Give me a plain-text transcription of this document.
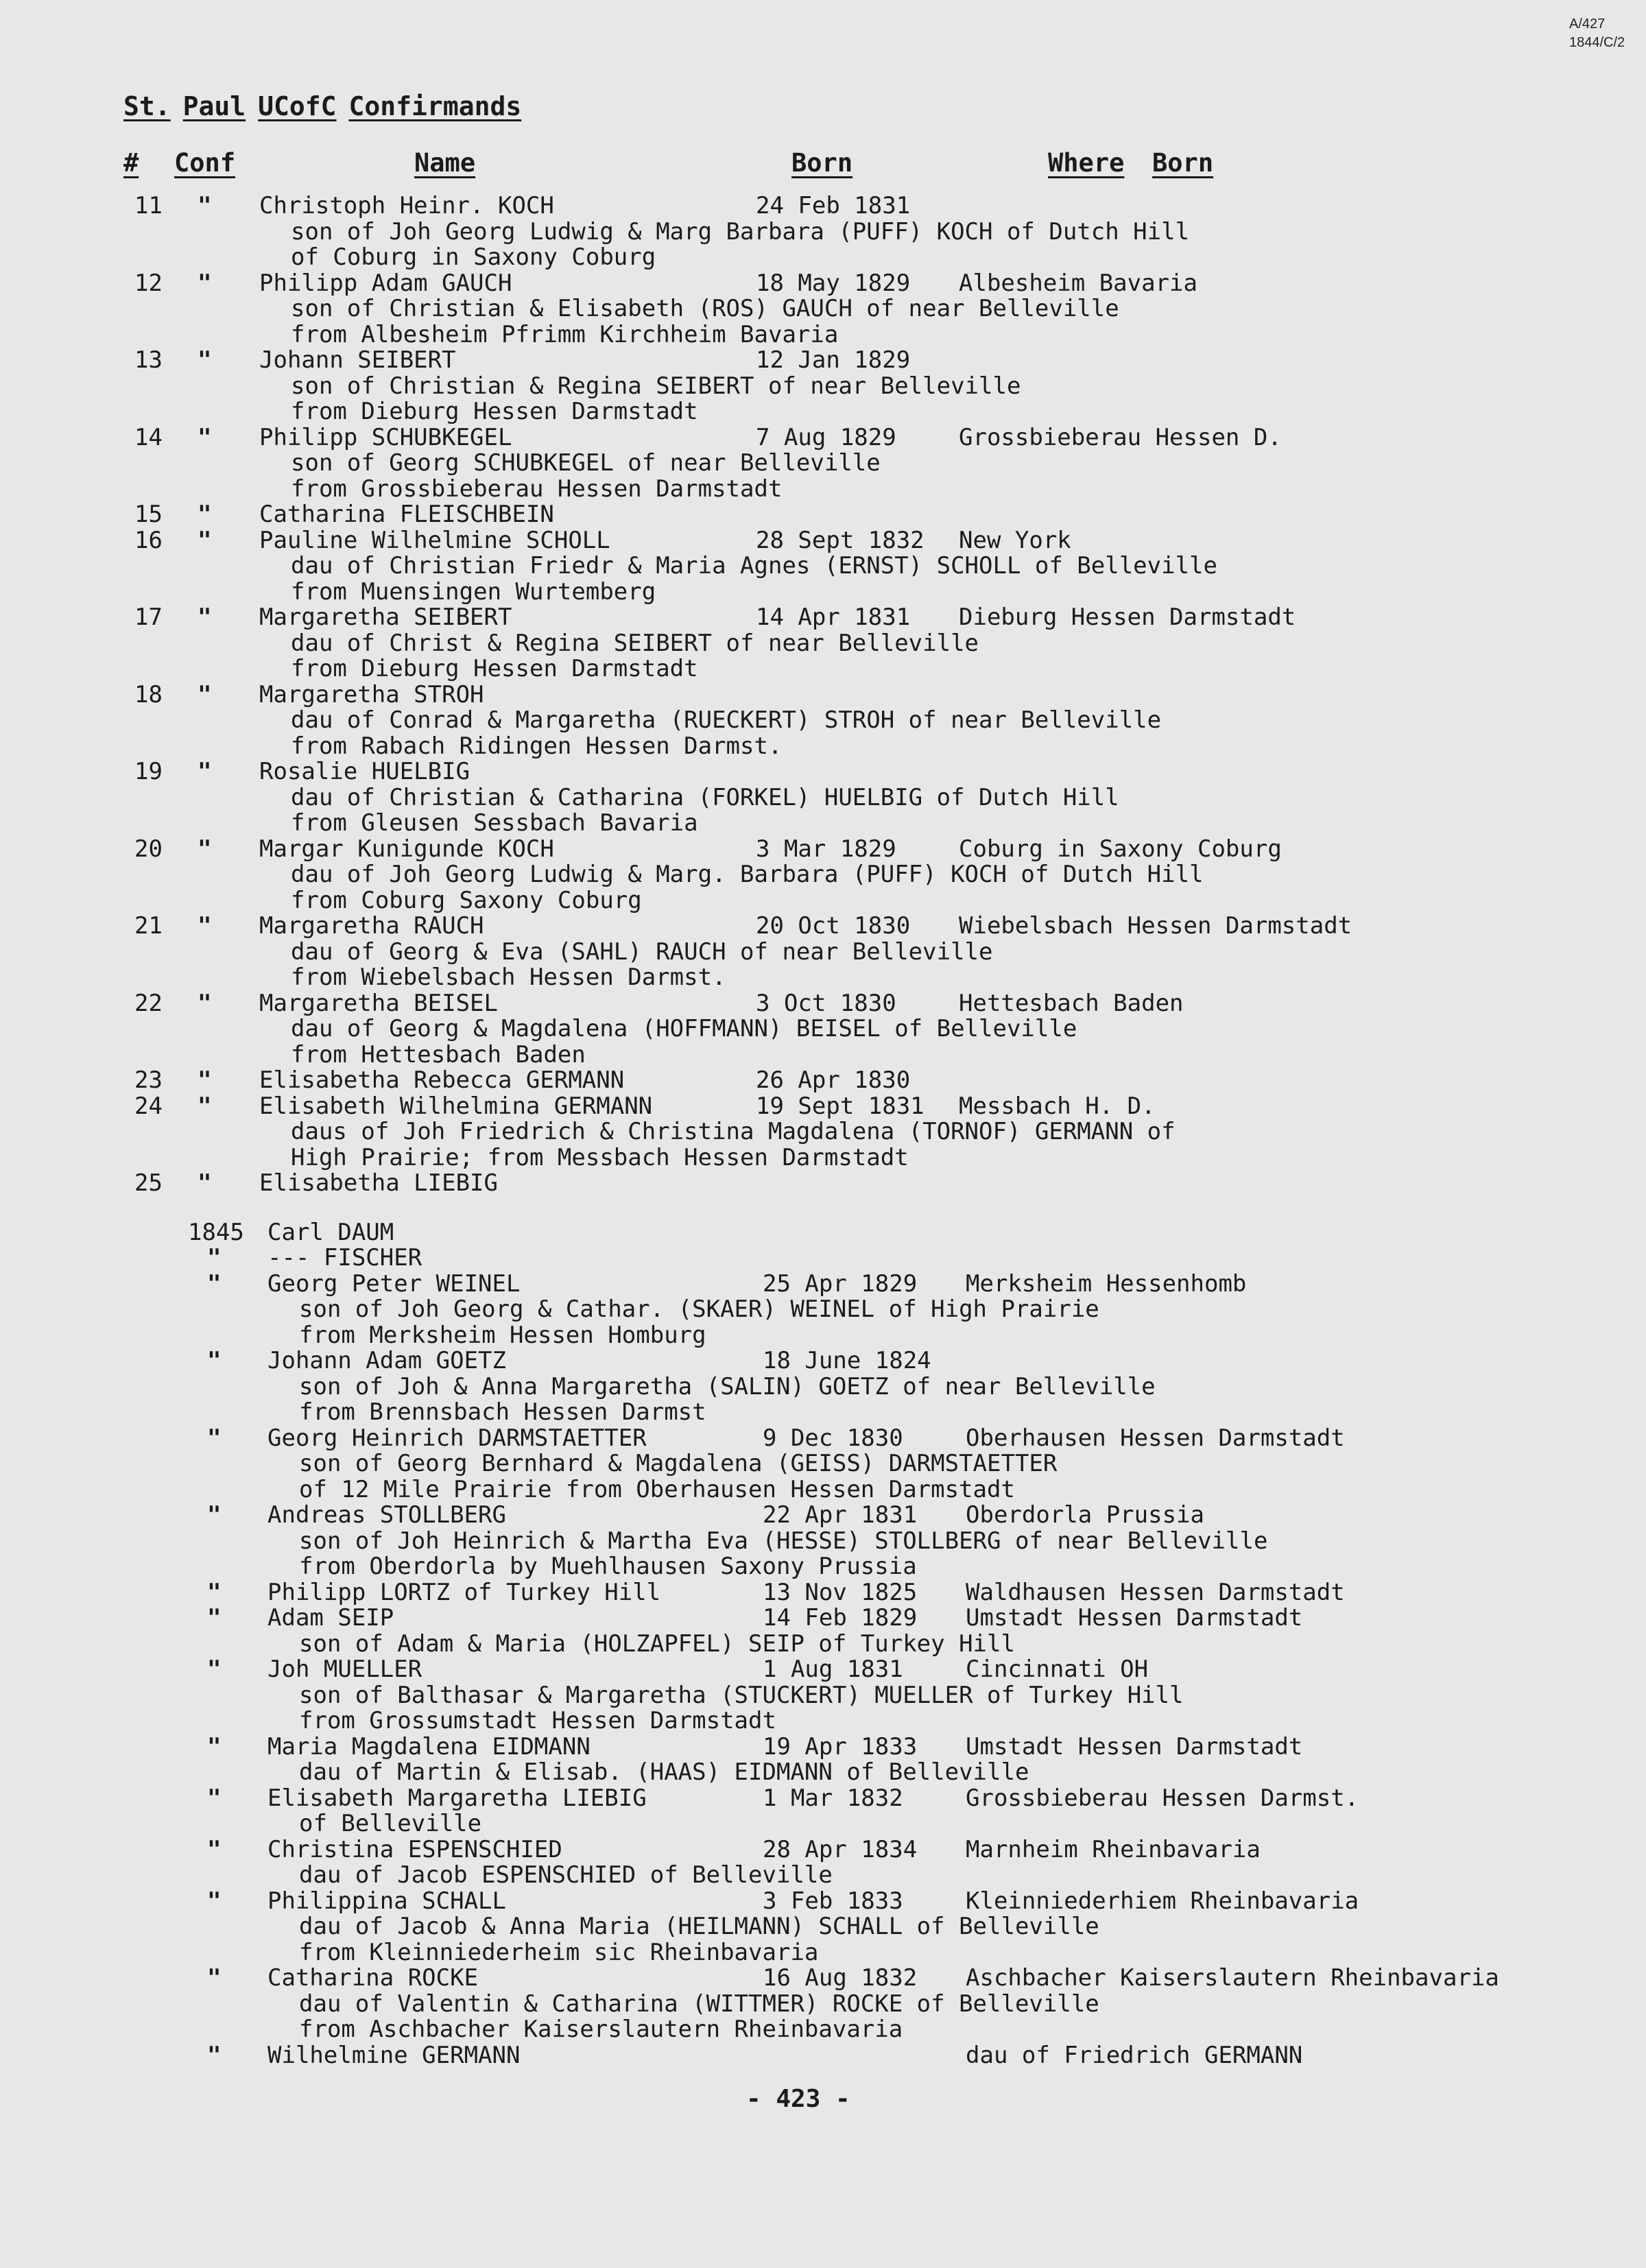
A/427
1844/C/2
St. Paul UCofC Confirmands
# Conf	Name	Born	Where Born
11 " Christoph Heinr. KOCH	24 Feb 1831
son of Joh Georg Ludwig & Marg Barbara (PUFF) KOCH of Dutch Hill
of Coburg in Saxony Coburg
12 " Philipp Adam GAUCH	18 May 1829 Albesheim Bavaria
son of Christian & Elisabeth (ROS) GAUCH of near Belleville
from Albesheim Pfrimm Kirchheim Bavaria
13 " Johann SEIBERT	12 Jan 1829
son of Christian & Regina SEIBERT of near Belleville
from Dieburg Hessen Darmstadt
14 " Philipp SCHUBKEGEL	7 Aug 1829	Grossbieberau Hessen D.
son of Georg SCHUBKEGEL of near Belleville
from Grossbieberau Hessen Darmstadt
15 " Catharina FLEISCHBEIN
16 " Pauline Wilhelmine SCHOLL	28 Sept 1832 New York
dau of Christian Friedr & Maria Agnes (ERNST) SCHOLL of Belleville
from Muensingen Wurtemberg
17 " Margaretha SEIBERT	14 Apr 1831 Dieburg Hessen Darmstadt
dau of Christ & Regina SEIBERT of near Belleville
from Dieburg Hessen Darmstadt
18 " Margaretha STROH
dau of Conrad & Margaretha (RUECKERT) STROH of near Belleville
from Rabach Ridingen Hessen Darmst.
19 " Rosalie HUELBIG
dau of Christian & Catharina (FORKEL) HUELBIG of Dutch Hill
from Gleusen Sessbach Bavaria
20 " Margar Kunigunde KOCH	3 Mar 1829	Coburg in Saxony Coburg
dau of Joh Georg Ludwig & Marg. Barbara (PUFF) KOCH of Dutch Hill
from Coburg Saxony Coburg
21 " Margaretha RAUCH	20 Oct 1830 Wiebelsbach Hessen Darmstadt
dau of Georg & Eva (SAHL) RAUCH of near Belleville
from Wiebelsbach Hessen Darmst.
22 " Margaretha BEISEL	3 Oct 1830	Hettesbach Baden
dau of Georg & Magdalena (HOFFMANN) BEISEL of Belleville
from Hettesbach Baden
23 " Elisabetha Rebecca GERMANN	26 Apr 1830
24 " Elisabeth Wilhelmina GERMANN	19 Sept 1831 Messbach H. D.
daus of Joh Friedrich & Christina Magdalena (TORNOF) GERMANN of
High Prairie; from Messbach Hessen Darmstadt
25 " Elisabetha LIEBIG
1845 Carl DAUM
" --- FISCHER
" Georg Peter WEINEL	25 Apr 1829 Merksheim Hessenhomb
son of Joh Georg & Cathar. (SKAER) WEINEL of High Prairie
from Merksheim Hessen Homburg
" Johann Adam GOETZ	18 June 1824
son of Joh & Anna Margaretha (SALIN) GOETZ of near Belleville
from Brennsbach Hessen Darmst
" Georg Heinrich DARMSTAETTER	9 Dec 1830	Oberhausen Hessen Darmstadt
son of Georg Bernhard & Magdalena (GEISS) DARMSTAETTER
of 12 Mile Prairie from Oberhausen Hessen Darmstadt
" Andreas STOLLBERG	22 Apr 1831 Oberdorla Prussia
son of Joh Heinrich & Martha Eva (HESSE) STOLLBERG of near Belleville
from Oberdorla by Muehlhausen Saxony Prussia
" Philipp LORTZ of Turkey Hill	13 Nov 1825 Waldhausen Hessen Darmstadt
" Adam SEIP	14 Feb 1829 Umstadt Hessen Darmstadt
son of Adam & Maria (HOLZAPFEL) SEIP of Turkey Hill
" Joh MUELLER	1 Aug 1831	Cincinnati OH
son of Balthasar & Margaretha (STUCKERT) MUELLER of Turkey Hill
from Grossumstadt Hessen Darmstadt
" Maria Magdalena EIDMANN	19 Apr 1833 Umstadt Hessen Darmstadt
dau of Martin & Elisab. (HAAS) EIDMANN of Belleville
" Elisabeth Margaretha LIEBIG	1 Mar 1832	Grossbieberau Hessen Darmst.
of Belleville
" Christina ESPENSCHIED	28 Apr 1834 Marnheim Rheinbavaria
dau of Jacob ESPENSCHIED of Belleville
" Philippina SCHALL	3 Feb 1833	Kleinniederhiem Rheinbavaria
dau of Jacob & Anna Maria (HEILMANN) SCHALL of Belleville
from Kleinniederheim sic Rheinbavaria
" Catharina ROCKE	16 Aug 1832 Aschbacher Kaiserslautern Rheinbavaria
dau of Valentin & Catharina (WITTMER) ROCKE of Belleville
from Aschbacher Kaiserslautern Rheinbavaria
" Wilhelmine GERMANN	dau of Friedrich GERMANN
- 423 -
